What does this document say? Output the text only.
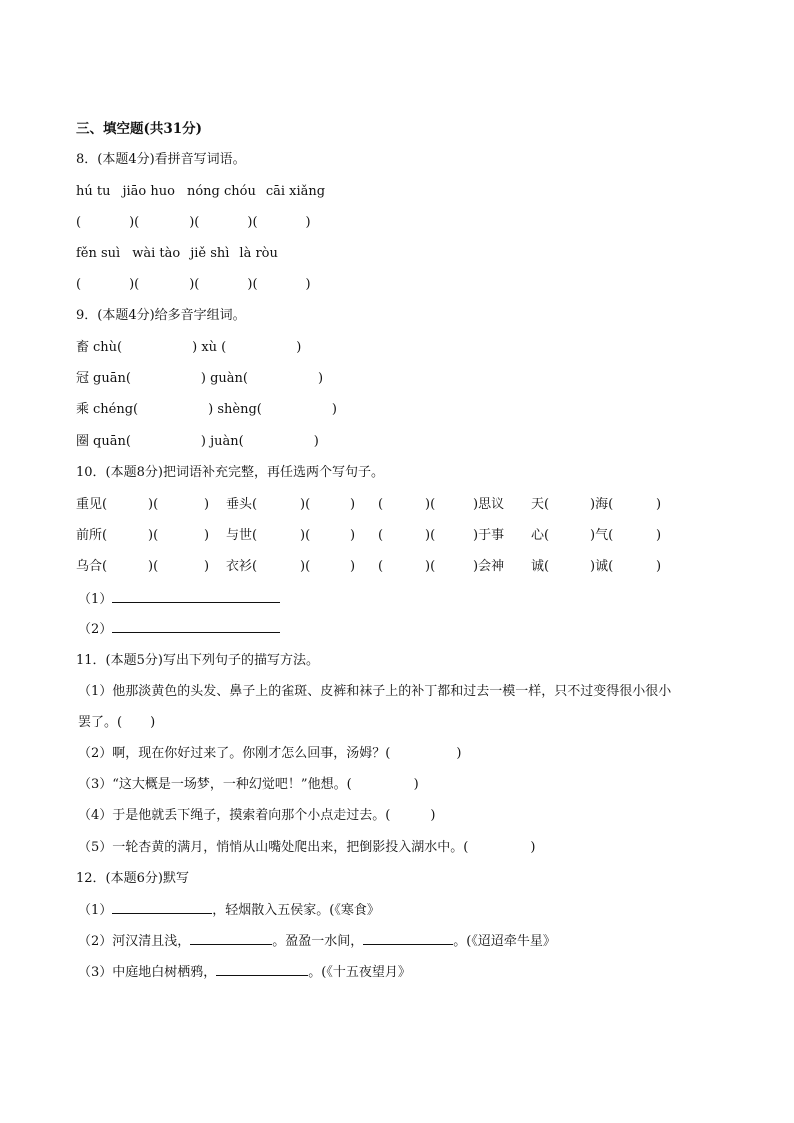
三、填空题(共31分)
8．(本题4分)看拼音写词语。
hú tu jiāo huo nóng chóu cāi xiǎng
(	)(	)(	)(	)
fěn suì wài tào jiě shì là ròu
(	)(	)(	)(	)
9．(本题4分)给多音字组词。
畜 chù(	) xù (	)
冠 guān(	) guàn(	)
乘 chéng(	) shèng(	)
圈 quān(	) juàn(	)
10．(本题8分)把词语补充完整，再任选两个写句子。
重见(	)(	) 垂头(	)(	) (	)(	)思议 天(	)海(	)
前所(	)(	) 与世(	)(	) (	)(	)于事 心(	)气(	)
乌合(	)(	) 衣衫(	)(	) (	)(	)会神 诚(	)诚(	)
（1）
（2）
11．(本题5分)写出下列句子的描写方法。
（1）他那淡黄色的头发、鼻子上的雀斑、皮裤和袜子上的补丁都和过去一模一样，只不过变得很小很小
罢了。( )
（2）啊，现在你好过来了。你刚才怎么回事，汤姆？(	)
（3）“这大概是一场梦，一种幻觉吧！”他想。(	)
（4）于是他就丢下绳子，摸索着向那个小点走过去。(	)
（5）一轮杏黄的满月，悄悄从山嘴处爬出来，把倒影投入湖水中。(	)
12．(本题6分)默写
（1）	，轻烟散入五侯家。(《寒食》
（2）河汉清且浅，	。盈盈一水间，	。(《迢迢牵牛星》
（3）中庭地白树栖鸦，	。(《十五夜望月》
